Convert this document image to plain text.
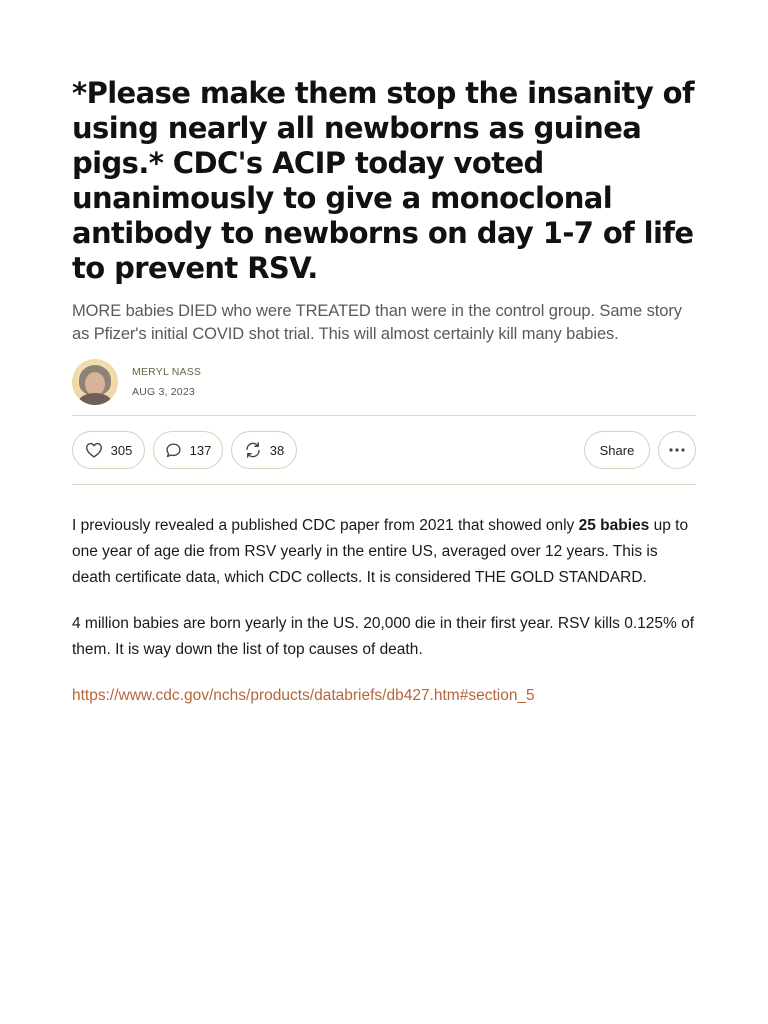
*Please make them stop the insanity of using nearly all newborns as guinea pigs.* CDC's ACIP today voted unanimously to give a monoclonal antibody to newborns on day 1-7 of life to prevent RSV.

MORE babies DIED who were TREATED than were in the control group. Same story as Pfizer's initial COVID shot trial. This will almost certainly kill many babies.

MERYL NASS
AUG 3, 2023
305	137	38	Share

I previously revealed a published CDC paper from 2021 that showed only 25 babies up to one year of age die from RSV yearly in the entire US, averaged over 12 years. This is death certificate data, which CDC collects. It is considered THE GOLD STANDARD.

4 million babies are born yearly in the US. 20,000 die in their first year. RSV kills 0.125% of them. It is way down the list of top causes of death.

https://www.cdc.gov/nchs/products/databriefs/db427.htm#section_5
